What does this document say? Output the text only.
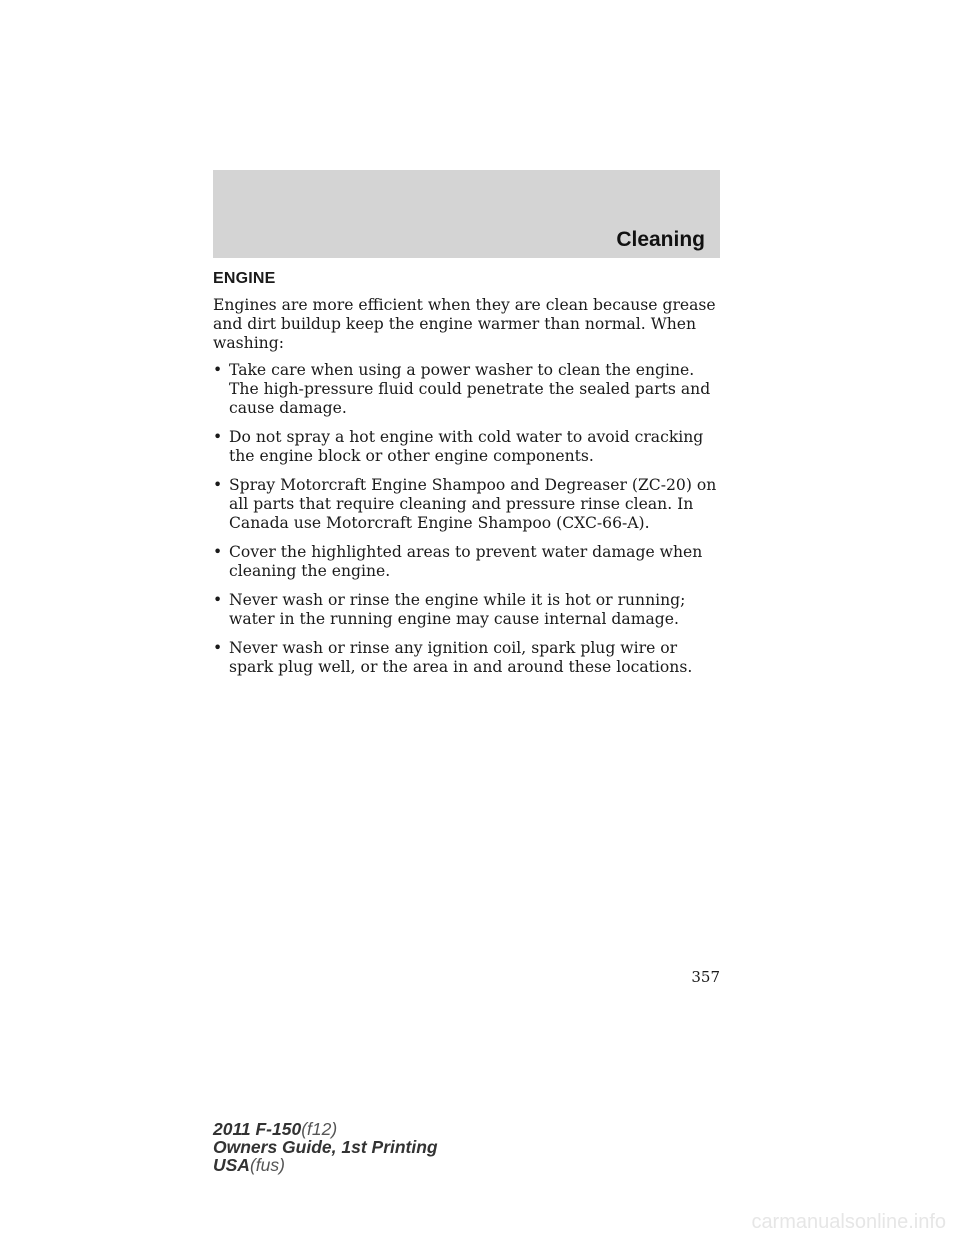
Cleaning
ENGINE

Engines are more efficient when they are clean because grease and dirt buildup keep the engine warmer than normal. When washing:

• Take care when using a power washer to clean the engine. The high-pressure fluid could penetrate the sealed parts and cause damage.
• Do not spray a hot engine with cold water to avoid cracking the engine block or other engine components.
• Spray Motorcraft Engine Shampoo and Degreaser (ZC-20) on all parts that require cleaning and pressure rinse clean. In Canada use Motorcraft Engine Shampoo (CXC-66-A).
• Cover the highlighted areas to prevent water damage when cleaning the engine.
• Never wash or rinse the engine while it is hot or running; water in the running engine may cause internal damage.
• Never wash or rinse any ignition coil, spark plug wire or spark plug well, or the area in and around these locations.
357
2011 F-150(f12)
Owners Guide, 1st Printing
USA(fus)
carmanualsonline.info
